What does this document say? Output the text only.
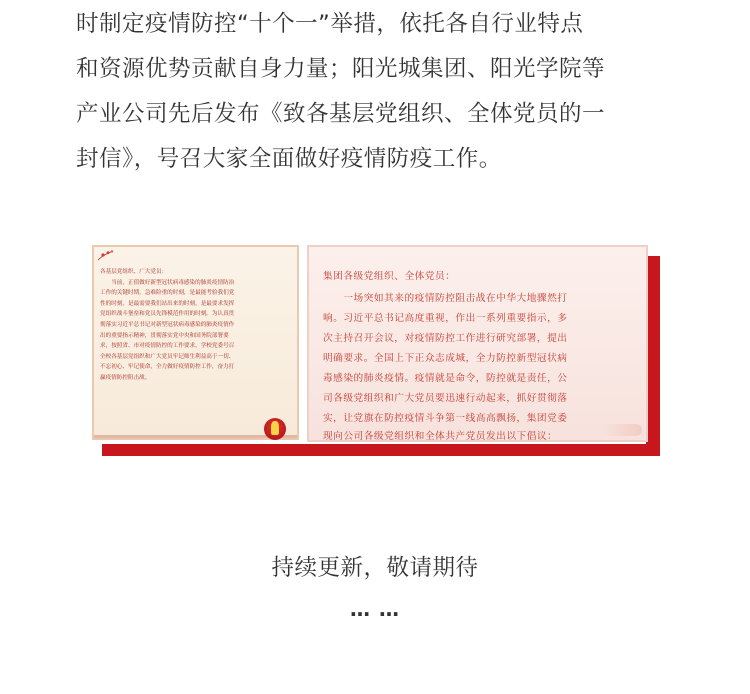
时制定疫情防控“十个一”举措，依托各自行业特点
和资源优势贡献自身力量；阳光城集团、阳光学院等
产业公司先后发布《致各基层党组织、全体党员的一
封信》，号召大家全面做好疫情防疫工作。
各基层党组织、广大党员：
　　当前，正值做好新型冠状病毒感染的肺炎疫情防治
工作的关键时期。急难险重的时刻，是最能考验我们党
性的时刻，是最需要我们站出来的时刻，是最要求发挥
党组织战斗堡垒和党员先锋模范作用的时刻。为认真贯
彻落实习近平总书记对新型冠状病毒感染的肺炎疫情作
出的重要指示精神，贯彻落实党中央和国务院部署要
求，按照省、市对疫情防控的工作要求，学校党委号召
全校各基层党组织和广大党员牢记师生利益高于一切、
不忘初心、牢记使命，全力做好疫情防控工作，奋力打
赢疫情防控阻击战。
集团各级党组织、全体党员：
　　一场突如其来的疫情防控阻击战在中华大地骤然打
响。习近平总书记高度重视，作出一系列重要指示，多
次主持召开会议，对疫情防控工作进行研究部署，提出
明确要求。全国上下正众志成城，全力防控新型冠状病
毒感染的肺炎疫情。疫情就是命令，防控就是责任，公
司各级党组织和广大党员要迅速行动起来，抓好贯彻落
实，让党旗在防控疫情斗争第一线高高飘扬，集团党委
现向公司各级党组织和全体共产党员发出以下倡议：
持续更新，敬请期待
… …
